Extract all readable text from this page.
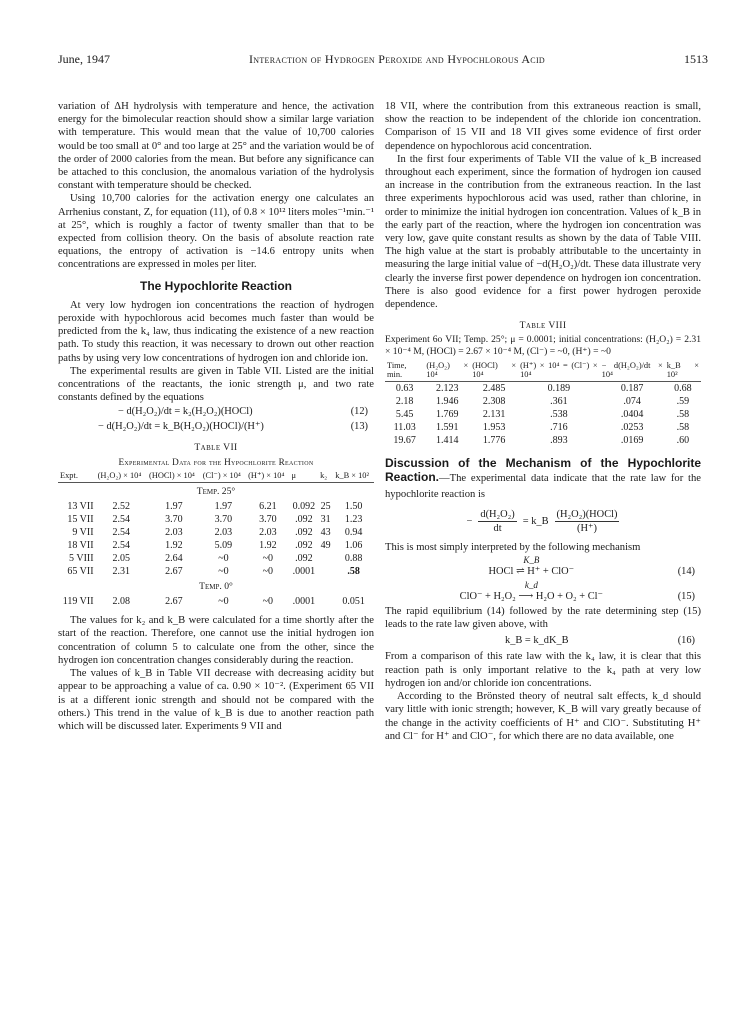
June, 1947	Interaction of Hydrogen Peroxide and Hypochlorous Acid	1513

variation of ΔH hydrolysis with temperature and hence, the activation energy for the bimolecular reaction should show a similar large variation with temperature. This would mean that the value of 10,700 calories would be too small at 0° and too large at 25° and the variation would be of the order of 2000 calories from the mean. But before any significance can be attached to this conclusion, the anomalous variation of the hydrolysis constant with temperature should be checked.

Using 10,700 calories for the activation energy one calculates an Arrhenius constant, Z, for equation (11), of 0.8 × 10¹² liters moles⁻¹min.⁻¹ at 25°, which is roughly a factor of twenty smaller than that to be expected from collision theory. On the basis of absolute reaction rate equations, the entropy of activation is −14.6 entropy units when concentrations are expressed in moles per liter.

The Hypochlorite Reaction

At very low hydrogen ion concentrations the reaction of hydrogen peroxide with hypochlorous acid becomes much faster than would be predicted from the k₄ law, thus indicating the existence of a new reaction path. To study this reaction, it was necessary to drown out other reaction paths by using very low concentrations of hydrogen ion and chloride ion.

The experimental results are given in Table VII. Listed are the initial concentrations of the reactants, the ionic strength μ, and two rate constants defined by the equations

− d(H₂O₂)/dt = k₂(H₂O₂)(HOCl)	(12)
− d(H₂O₂)/dt = k_B(H₂O₂)(HOCl)/(H⁺)	(13)
Table VII
Experimental Data for the Hypochlorite Reaction
Expt.	(H₂O₂) × 10⁴	(HOCl) × 10⁴	(Cl⁻) × 10⁴	(H⁺) × 10⁴	μ	k₂	k_B × 10²
Temp. 25°							
13 VII	2.52	1.97	1.97	6.21	0.092	25	1.50
15 VII	2.54	3.70	3.70	3.70	.092	31	1.23
9 VII	2.54	2.03	2.03	2.03	.092	43	0.94
18 VII	2.54	1.92	5.09	1.92	.092	49	1.06
5 VIII	2.05	2.64	~0	~0	.092		0.88
65 VII	2.31	2.67	~0	~0	.0001		.58
Temp. 0°							
119 VII	2.08	2.67	~0	~0	.0001		0.051

The values for k₂ and k_B were calculated for a time shortly after the start of the reaction. Therefore, one cannot use the initial hydrogen ion concentration of column 5 to calculate one from the other, since the hydrogen ion concentration changes considerably during the reaction.

The values of k_B in Table VII decrease with decreasing acidity but appear to be approaching a value of ca. 0.90 × 10⁻². (Experiment 65 VII is at a different ionic strength and should not be compared with the others.) This trend in the value of k_B is due to another reaction path which will be discussed later. Experiments 9 VII and

18 VII, where the contribution from this extraneous reaction is small, show the reaction to be independent of the chloride ion concentration. Comparison of 15 VII and 18 VII gives some evidence of first order dependence on hypochlorous acid concentration.

In the first four experiments of Table VII the value of k_B increased throughout each experiment, since the formation of hydrogen ion caused an increase in the contribution from the extraneous reaction. In the last three experiments hypochlorous acid was used, rather than chlorine, in order to minimize the initial hydrogen ion concentration. Values of k_B in the early part of the reaction, where the hydrogen ion concentration was very low, gave quite constant results as shown by the data of Table VIII. The high value at the start is probably attributable to the uncertainty in measuring the large initial value of −d(H₂O₂)/dt. These data illustrate very clearly the inverse first power dependence on hydrogen ion concentration. There is also good evidence for a first power hydrogen peroxide dependence.

Table VIII
Experiment 6o VII; Temp. 25°; μ = 0.0001; initial concentrations: (H₂O₂) = 2.31 × 10⁻⁴ M, (HOCl) = 2.67 × 10⁻⁴ M, (Cl⁻) = ~0, (H⁺) = ~0
Time, min.	(H₂O₂) × 10⁴	(HOCl) × 10⁴	(H⁺) × 10⁴ = (Cl⁻) × 10⁴	− d(H₂O₂)/dt × 10⁴	k_B × 10²
0.63	2.123	2.485	0.189	0.187	0.68
2.18	1.946	2.308	.361	.074	.59
5.45	1.769	2.131	.538	.0404	.58
11.03	1.591	1.953	.716	.0253	.58
19.67	1.414	1.776	.893	.0169	.60
Discussion of the Mechanism of the Hypochlorite Reaction.—The experimental data indicate that the rate law for the hypochlorite reaction is
− $\frac{\text{d(H₂O₂)}}{dt}$ = k_B
(H₂O₂)(HOCl)
(H⁺)

This is most simply interpreted by the following mechanism

K_B
HOCl ⇌ H⁺ + ClO⁻	(14)
k_d
ClO⁻ + H₂O₂ ⟶ H₂O + O₂ + Cl⁻	(15)

The rapid equilibrium (14) followed by the rate determining step (15) leads to the rate law given above, with

k_B = k_dK_B	(16)

From a comparison of this rate law with the k₄ law, it is clear that this reaction path is only important relative to the k₄ path at very low hydrogen ion and/or chloride ion concentrations.

According to the Brönsted theory of neutral salt effects, k_d should vary little with ionic strength; however, K_B will vary greatly because of the change in the activity coefficients of H⁺ and ClO⁻. Substituting H⁺ and Cl⁻ for H⁺ and ClO⁻, for which there are no data available, one
